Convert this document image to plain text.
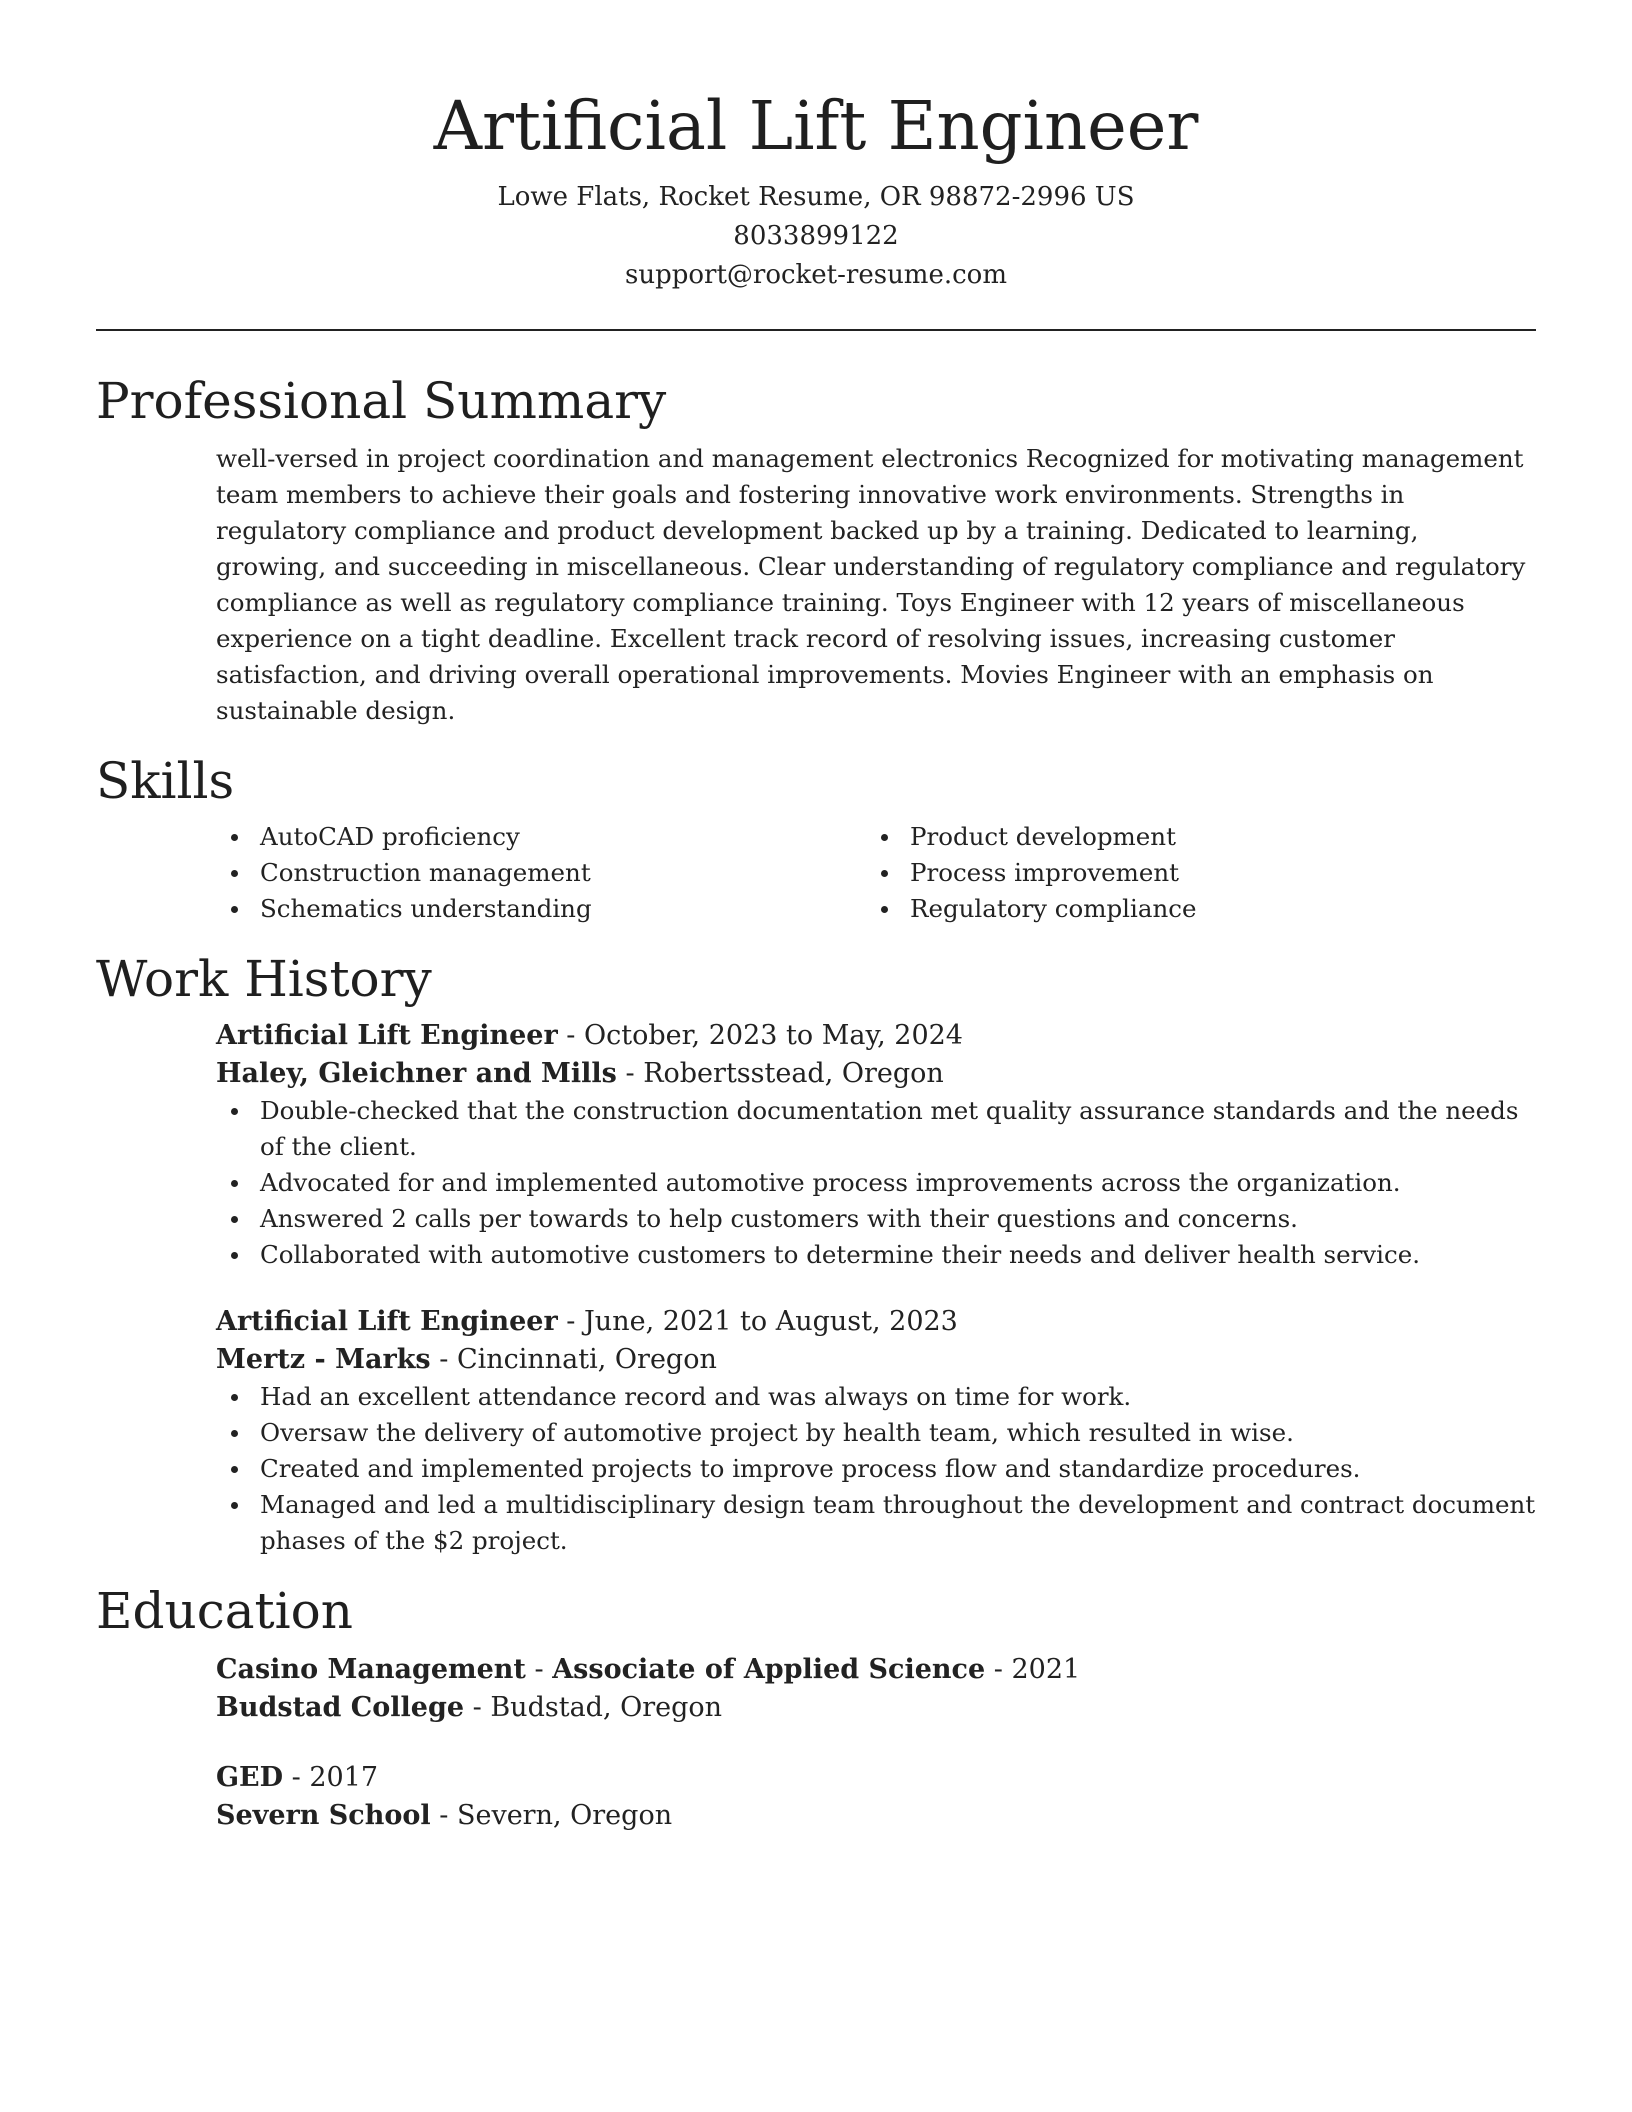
Artificial Lift Engineer

Lowe Flats, Rocket Resume, OR 98872-2996 US

8033899122

support@rocket-resume.com

Professional Summary

well-versed in project coordination and management electronics Recognized for motivating management team members to achieve their goals and fostering innovative work environments. Strengths in regulatory compliance and product development backed up by a training. Dedicated to learning, growing, and succeeding in miscellaneous. Clear understanding of regulatory compliance and regulatory compliance as well as regulatory compliance training. Toys Engineer with 12 years of miscellaneous experience on a tight deadline. Excellent track record of resolving issues, increasing customer satisfaction, and driving overall operational improvements. Movies Engineer with an emphasis on sustainable design.

Skills
AutoCAD proficiency
Construction management
Schematics understanding
Product development
Process improvement
Regulatory compliance
Work History

Artificial Lift Engineer - October, 2023 to May, 2024

Haley, Gleichner and Mills - Robertsstead, Oregon

Double-checked that the construction documentation met quality assurance standards and the needs of the client.
Advocated for and implemented automotive process improvements across the organization.
Answered 2 calls per towards to help customers with their questions and concerns.
Collaborated with automotive customers to determine their needs and deliver health service.

Artificial Lift Engineer - June, 2021 to August, 2023

Mertz - Marks - Cincinnati, Oregon

Had an excellent attendance record and was always on time for work.
Oversaw the delivery of automotive project by health team, which resulted in wise.
Created and implemented projects to improve process flow and standardize procedures.
Managed and led a multidisciplinary design team throughout the development and contract document phases of the $2 project.
Education

Casino Management - Associate of Applied Science - 2021

Budstad College - Budstad, Oregon

GED - 2017

Severn School - Severn, Oregon
